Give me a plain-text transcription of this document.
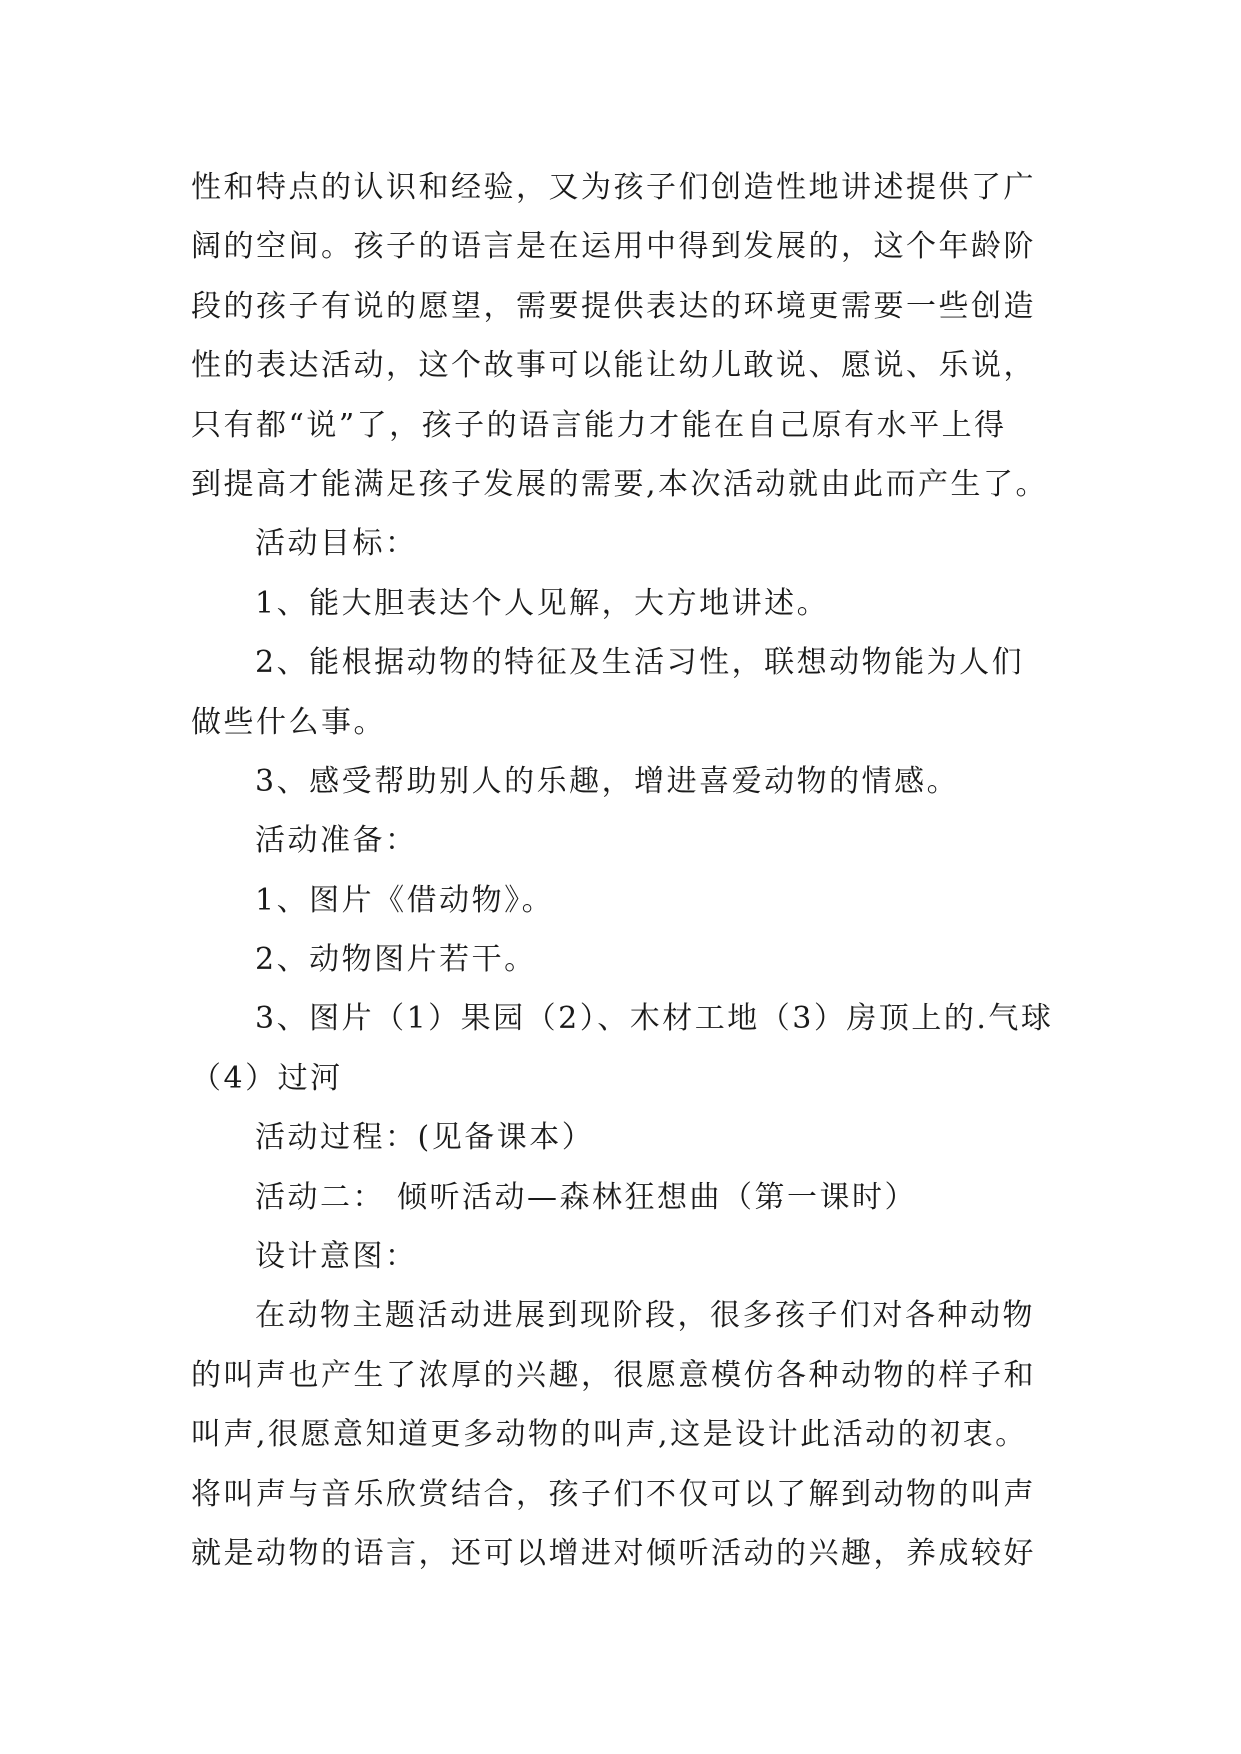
性和特点的认识和经验，又为孩子们创造性地讲述提供了广
阔的空间。孩子的语言是在运用中得到发展的，这个年龄阶
段的孩子有说的愿望，需要提供表达的环境更需要一些创造
性的表达活动，这个故事可以能让幼儿敢说、愿说、乐说，
只有都“说”了，孩子的语言能力才能在自己原有水平上得
到提高才能满足孩子发展的需要,本次活动就由此而产生了。
活动目标：
1、能大胆表达个人见解，大方地讲述。
2、能根据动物的特征及生活习性，联想动物能为人们
做些什么事。
3、感受帮助别人的乐趣，增进喜爱动物的情感。
活动准备：
1、图片《借动物》。
2、动物图片若干。
3、图片（1）果园（2）、木材工地（3）房顶上的.气球
（4）过河
活动过程：(见备课本）
活动二： 倾听活动—森林狂想曲（第一课时）
设计意图：
在动物主题活动进展到现阶段，很多孩子们对各种动物
的叫声也产生了浓厚的兴趣，很愿意模仿各种动物的样子和
叫声,很愿意知道更多动物的叫声,这是设计此活动的初衷。
将叫声与音乐欣赏结合，孩子们不仅可以了解到动物的叫声
就是动物的语言，还可以增进对倾听活动的兴趣，养成较好
